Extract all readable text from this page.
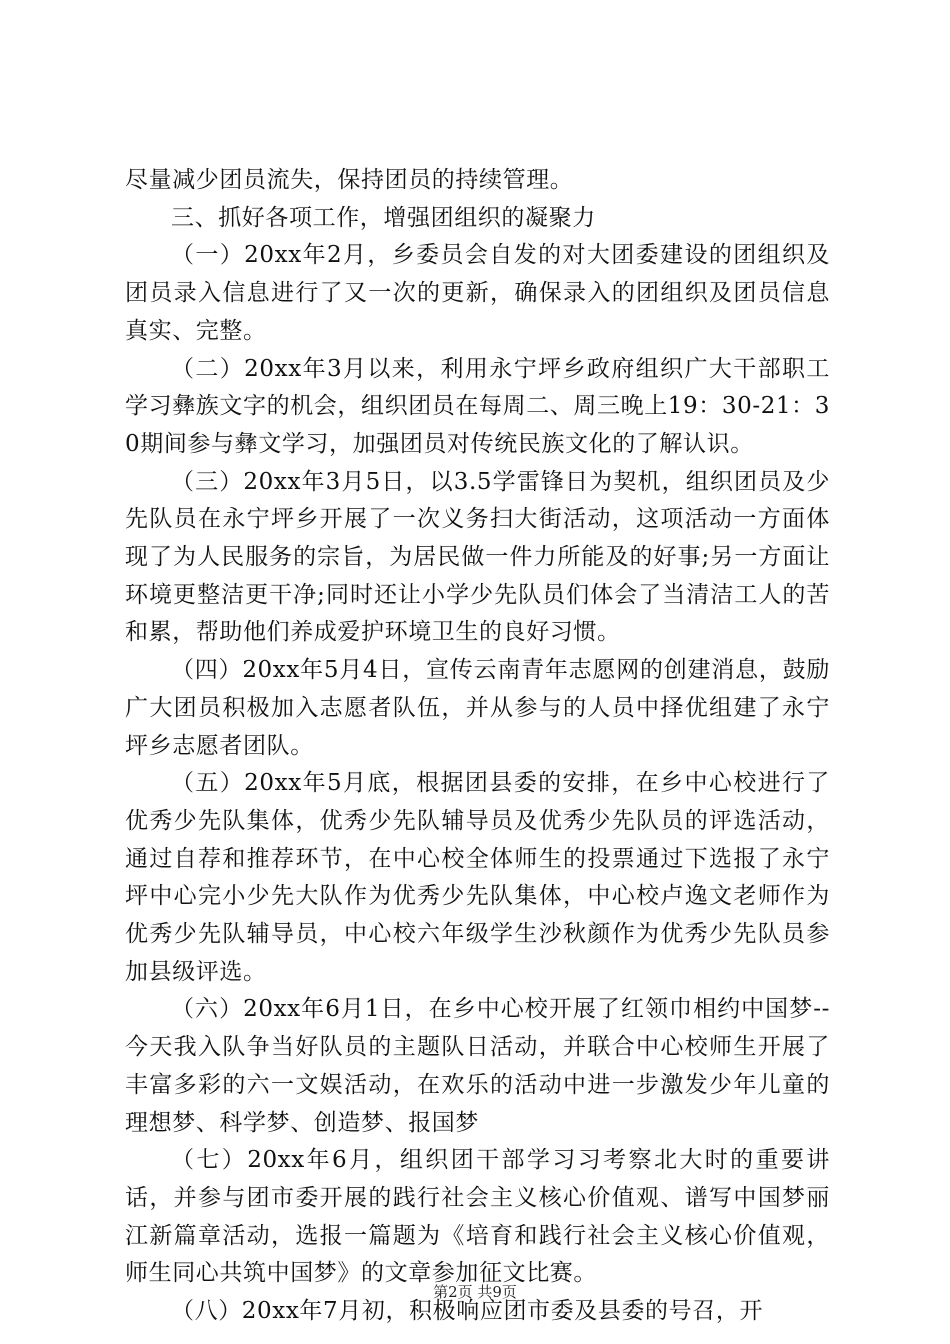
尽量减少团员流失，保持团员的持续管理。

三、抓好各项工作，增强团组织的凝聚力

（一）20xx年2月，乡委员会自发的对大团委建设的团组织及团员录入信息进行了又一次的更新，确保录入的团组织及团员信息真实、完整。

（二）20xx年3月以来，利用永宁坪乡政府组织广大干部职工学习彝族文字的机会，组织团员在每周二、周三晚上19：30-21：30期间参与彝文学习，加强团员对传统民族文化的了解认识。

（三）20xx年3月5日，以3.5学雷锋日为契机，组织团员及少先队员在永宁坪乡开展了一次义务扫大街活动，这项活动一方面体现了为人民服务的宗旨，为居民做一件力所能及的好事;另一方面让环境更整洁更干净;同时还让小学少先队员们体会了当清洁工人的苦和累，帮助他们养成爱护环境卫生的良好习惯。

（四）20xx年5月4日，宣传云南青年志愿网的创建消息，鼓励广大团员积极加入志愿者队伍，并从参与的人员中择优组建了永宁坪乡志愿者团队。

（五）20xx年5月底，根据团县委的安排，在乡中心校进行了优秀少先队集体，优秀少先队辅导员及优秀少先队员的评选活动，通过自荐和推荐环节，在中心校全体师生的投票通过下选报了永宁坪中心完小少先大队作为优秀少先队集体，中心校卢逸文老师作为优秀少先队辅导员，中心校六年级学生沙秋颜作为优秀少先队员参加县级评选。

（六）20xx年6月1日，在乡中心校开展了红领巾相约中国梦--今天我入队争当好队员的主题队日活动，并联合中心校师生开展了丰富多彩的六一文娱活动，在欢乐的活动中进一步激发少年儿童的理想梦、科学梦、创造梦、报国梦

（七）20xx年6月，组织团干部学习习考察北大时的重要讲话，并参与团市委开展的践行社会主义核心价值观、谱写中国梦丽江新篇章活动，选报一篇题为《培育和践行社会主义核心价值观，师生同心共筑中国梦》的文章参加征文比赛。

（八）20xx年7月初，积极响应团市委及县委的号召，开

第2页 共9页
